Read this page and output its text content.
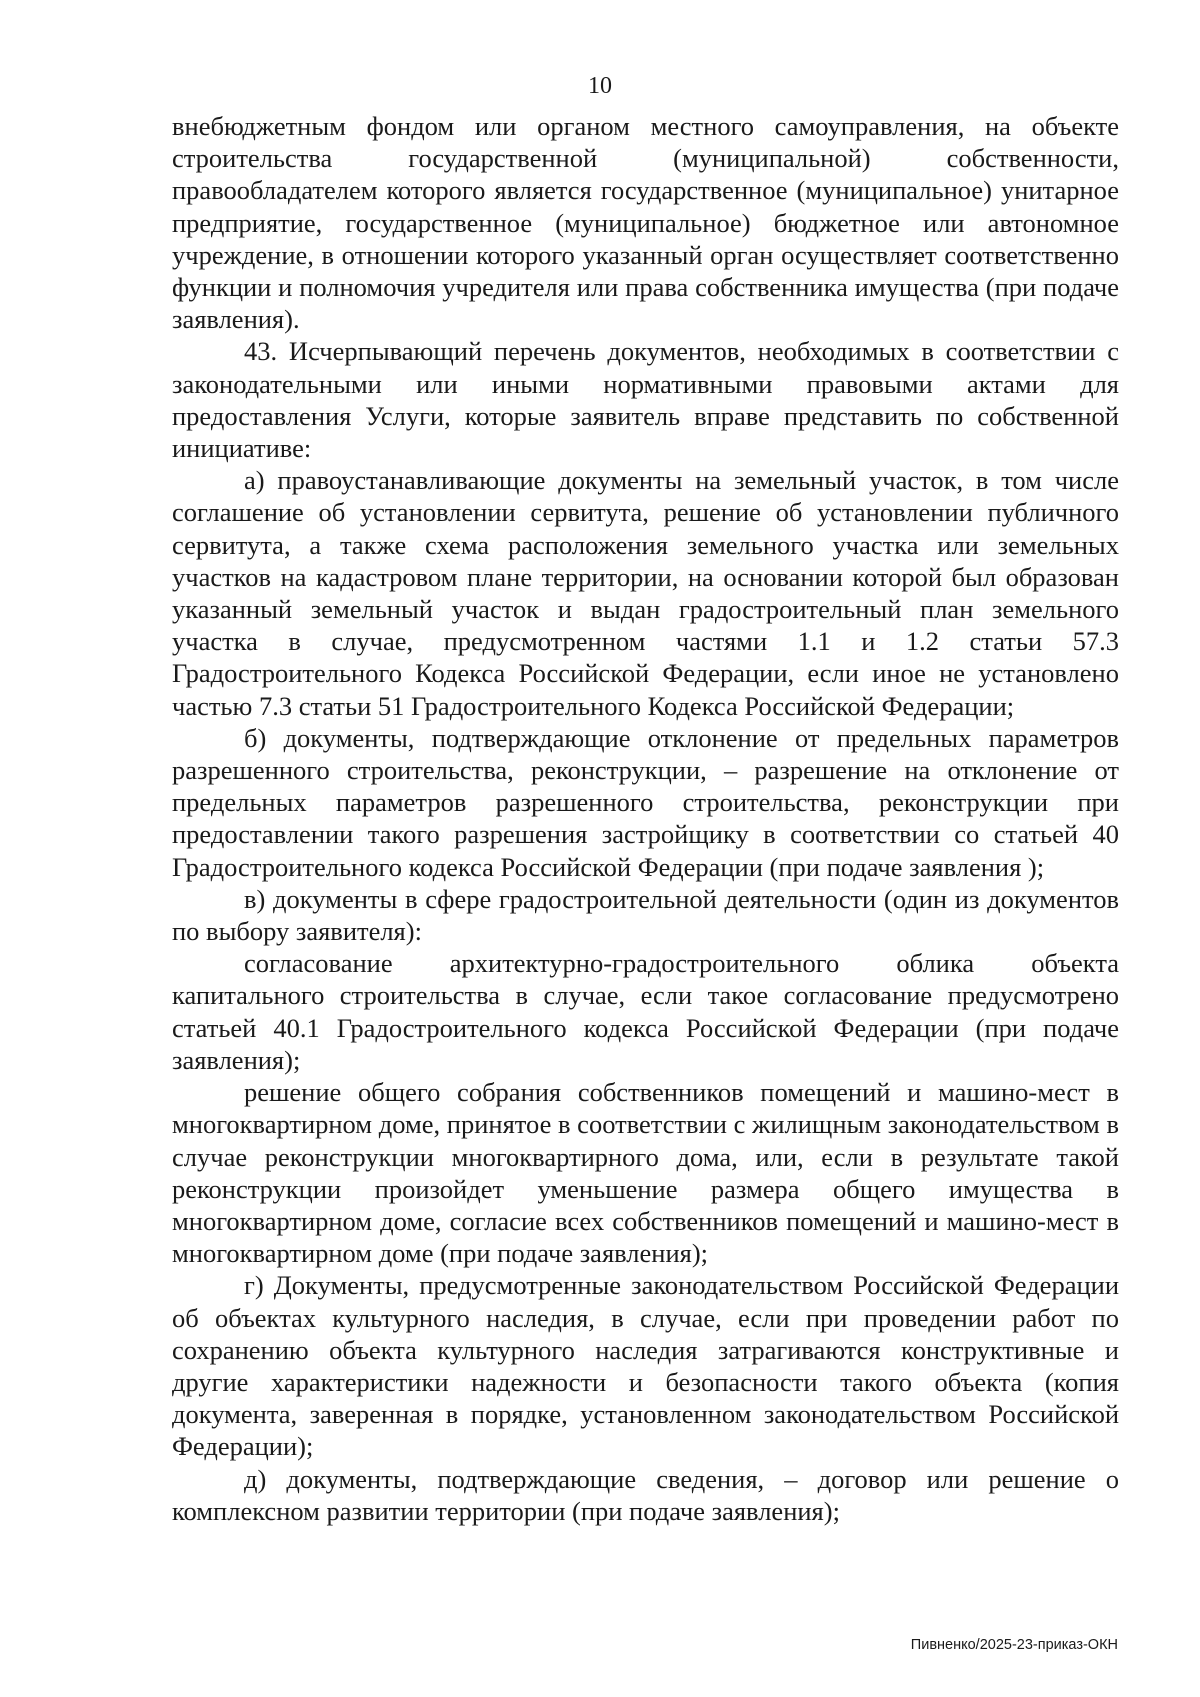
10

внебюджетным фондом или органом местного самоуправления, на объекте строительства государственной (муниципальной) собственности, правообладателем которого является государственное (муниципальное) унитарное предприятие, государственное (муниципальное) бюджетное или автономное учреждение, в отношении которого указанный орган осуществляет соответственно функции и полномочия учредителя или права собственника имущества (при подаче заявления).

43. Исчерпывающий перечень документов, необходимых в соответствии с законодательными или иными нормативными правовыми актами для предоставления Услуги, которые заявитель вправе представить по собственной инициативе:

а) правоустанавливающие документы на земельный участок, в том числе соглашение об установлении сервитута, решение об установлении публичного сервитута, а также схема расположения земельного участка или земельных участков на кадастровом плане территории, на основании которой был образован указанный земельный участок и выдан градостроительный план земельного участка в случае, предусмотренном частями 1.1 и 1.2 статьи 57.3 Градостроительного Кодекса Российской Федерации, если иное не установлено частью 7.3 статьи 51 Градостроительного Кодекса Российской Федерации;

б) документы, подтверждающие отклонение от предельных параметров разрешенного строительства, реконструкции, – разрешение на отклонение от предельных параметров разрешенного строительства, реконструкции при предоставлении такого разрешения застройщику в соответствии со статьей 40 Градостроительного кодекса Российской Федерации (при подаче заявления );

в) документы в сфере градостроительной деятельности (один из документов по выбору заявителя):

согласование архитектурно-градостроительного облика объекта капитального строительства в случае, если такое согласование предусмотрено статьей 40.1 Градостроительного кодекса Российской Федерации (при подаче заявления);

решение общего собрания собственников помещений и машино-мест в многоквартирном доме, принятое в соответствии с жилищным законодательством в случае реконструкции многоквартирного дома, или, если в результате такой реконструкции произойдет уменьшение размера общего имущества в многоквартирном доме, согласие всех собственников помещений и машино-мест в многоквартирном доме (при подаче заявления);

г) Документы, предусмотренные законодательством Российской Федерации об объектах культурного наследия, в случае, если при проведении работ по сохранению объекта культурного наследия затрагиваются конструктивные и другие характеристики надежности и безопасности такого объекта (копия документа, заверенная в порядке, установленном законодательством Российской Федерации);

д) документы, подтверждающие сведения, – договор или решение о комплексном развитии территории (при подаче заявления);

Пивненко/2025-23-приказ-ОКН
